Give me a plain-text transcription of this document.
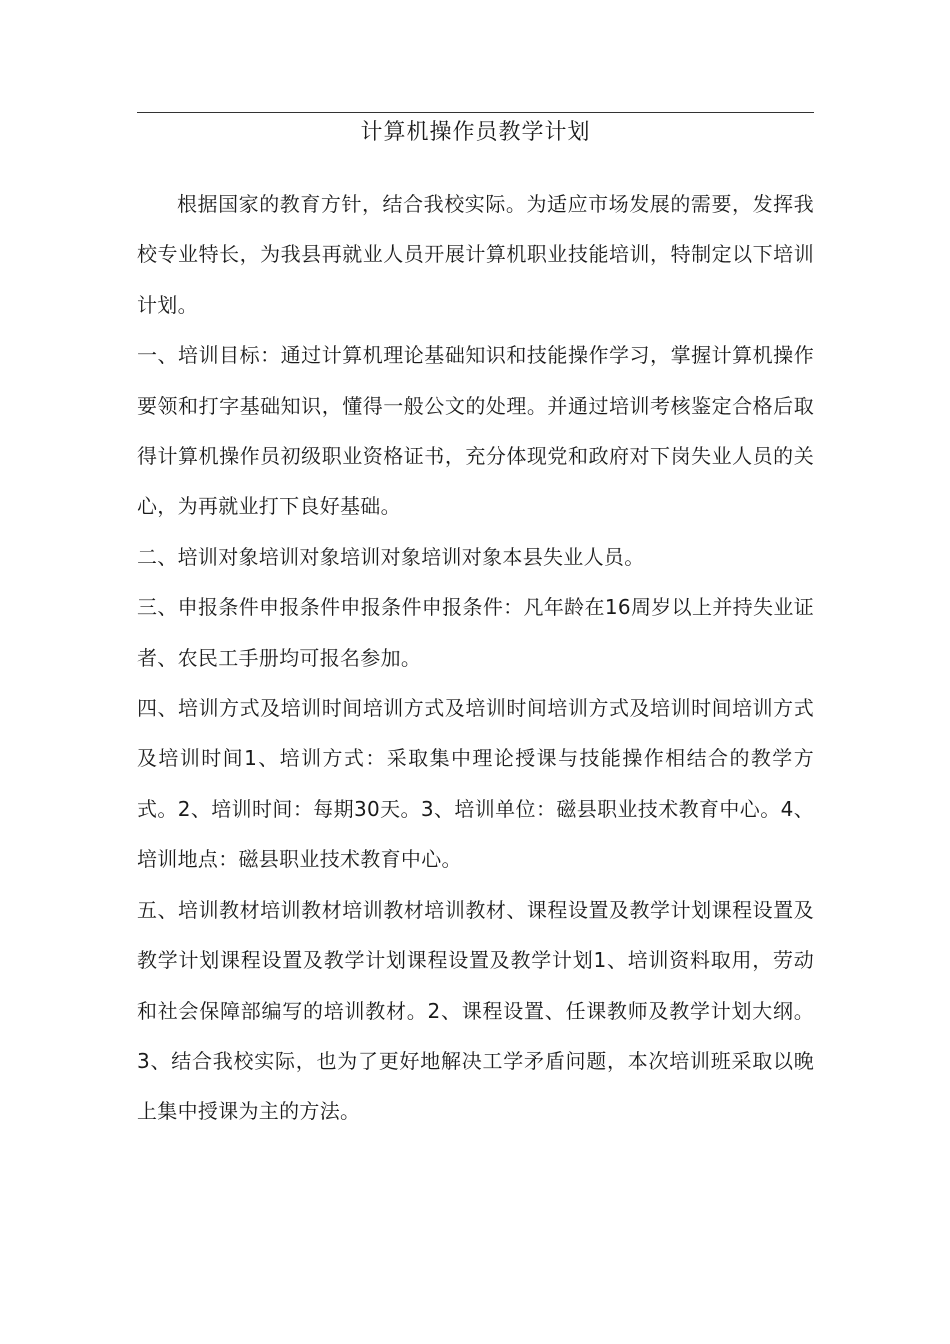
计算机操作员教学计划

根据国家的教育方针，结合我校实际。为适应市场发展的需要，发挥我校专业特长，为我县再就业人员开展计算机职业技能培训，特制定以下培训计划。

一、培训目标：通过计算机理论基础知识和技能操作学习，掌握计算机操作要领和打字基础知识，懂得一般公文的处理。并通过培训考核鉴定合格后取得计算机操作员初级职业资格证书，充分体现党和政府对下岗失业人员的关心，为再就业打下良好基础。

二、培训对象培训对象培训对象培训对象本县失业人员。

三、申报条件申报条件申报条件申报条件：凡年龄在16周岁以上并持失业证者、农民工手册均可报名参加。

四、培训方式及培训时间培训方式及培训时间培训方式及培训时间培训方式及培训时间1、培训方式：采取集中理论授课与技能操作相结合的教学方式。2、培训时间：每期30天。3、培训单位：磁县职业技术教育中心。4、培训地点：磁县职业技术教育中心。

五、培训教材培训教材培训教材培训教材、课程设置及教学计划课程设置及教学计划课程设置及教学计划课程设置及教学计划1、培训资料取用，劳动和社会保障部编写的培训教材。2、课程设置、任课教师及教学计划大纲。3、结合我校实际，也为了更好地解决工学矛盾问题，本次培训班采取以晚上集中授课为主的方法。
